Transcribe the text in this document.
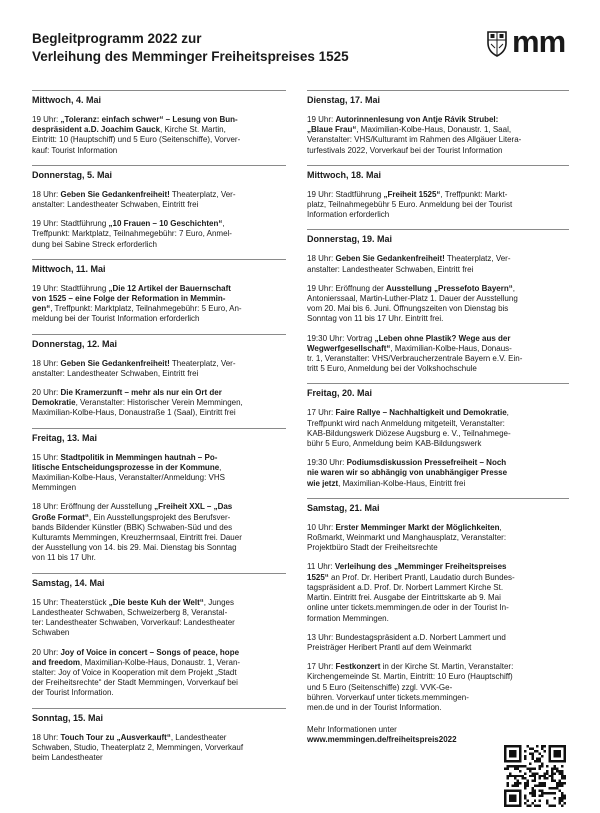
Begleitprogramm 2022 zur
Verleihung des Memminger Freiheitspreises 1525	mm
Mittwoch, 4. Mai
19 Uhr: „Toleranz: einfach schwer“ – Lesung von Bun-
despräsident a.D. Joachim Gauck, Kirche St. Martin,
Eintritt: 10 (Hauptschiff) und 5 Euro (Seitenschiffe), Vorver-
kauf: Tourist Information
Donnerstag, 5. Mai
18 Uhr: Geben Sie Gedankenfreiheit! Theaterplatz, Ver-
anstalter: Landestheater Schwaben, Eintritt frei
19 Uhr: Stadtführung „10 Frauen – 10 Geschichten“,
Treffpunkt: Marktplatz, Teilnahmegebühr: 7 Euro, Anmel-
dung bei Sabine Streck erforderlich
Mittwoch, 11. Mai
19 Uhr: Stadtführung „Die 12 Artikel der Bauernschaft
von 1525 – eine Folge der Reformation in Memmin-
gen“, Treffpunkt: Marktplatz, Teilnahmegebühr: 5 Euro, An-
meldung bei der Tourist Information erforderlich
Donnerstag, 12. Mai
18 Uhr: Geben Sie Gedankenfreiheit! Theaterplatz, Ver-
anstalter: Landestheater Schwaben, Eintritt frei
20 Uhr: Die Kramerzunft – mehr als nur ein Ort der
Demokratie, Veranstalter: Historischer Verein Memmingen,
Maximilian-Kolbe-Haus, Donaustraße 1 (Saal), Eintritt frei
Freitag, 13. Mai
15 Uhr: Stadtpolitik in Memmingen hautnah – Po-
litische Entscheidungsprozesse in der Kommune,
Maximilian-Kolbe-Haus, Veranstalter/Anmeldung: VHS
Memmingen
18 Uhr: Eröffnung der Ausstellung „Freiheit XXL – „Das
Große Format“, Ein Ausstellungsprojekt des Berufsver-
bands Bildender Künstler (BBK) Schwaben-Süd und des
Kulturamts Memmingen, Kreuzherrnsaal, Eintritt frei. Dauer
der Ausstellung von 14. bis 29. Mai. Dienstag bis Sonntag
von 11 bis 17 Uhr.
Samstag, 14. Mai
15 Uhr: Theaterstück „Die beste Kuh der Welt“, Junges
Landestheater Schwaben, Schweizerberg 8, Veranstal-
ter: Landestheater Schwaben, Vorverkauf: Landestheater
Schwaben
20 Uhr: Joy of Voice in concert – Songs of peace, hope
and freedom, Maximilian-Kolbe-Haus, Donaustr. 1, Veran-
stalter: Joy of Voice in Kooperation mit dem Projekt „Stadt
der Freiheitsrechte“ der Stadt Memmingen, Vorverkauf bei
der Tourist Information.
Sonntag, 15. Mai
18 Uhr: Touch Tour zu „Ausverkauft“, Landestheater
Schwaben, Studio, Theaterplatz 2, Memmingen, Vorverkauf
beim Landestheater
Dienstag, 17. Mai
19 Uhr: Autorinnenlesung von Antje Rávik Strubel:
„Blaue Frau“, Maximilian-Kolbe-Haus, Donaustr. 1, Saal,
Veranstalter: VHS/Kulturamt im Rahmen des Allgäuer Litera-
turfestivals 2022, Vorverkauf bei der Tourist Information
Mittwoch, 18. Mai
19 Uhr: Stadtführung „Freiheit 1525“, Treffpunkt: Markt-
platz, Teilnahmegebühr 5 Euro. Anmeldung bei der Tourist
Information erforderlich
Donnerstag, 19. Mai
18 Uhr: Geben Sie Gedankenfreiheit! Theaterplatz, Ver-
anstalter: Landestheater Schwaben, Eintritt frei
19 Uhr: Eröffnung der Ausstellung „Pressefoto Bayern“,
Antonierssaal, Martin-Luther-Platz 1. Dauer der Ausstellung
vom 20. Mai bis 6. Juni. Öffnungszeiten von Dienstag bis
Sonntag von 11 bis 17 Uhr. Eintritt frei.
19:30 Uhr: Vortrag „Leben ohne Plastik? Wege aus der
Wegwerfgesellschaft“, Maximilian-Kolbe-Haus, Donaus-
tr. 1, Veranstalter: VHS/Verbraucherzentrale Bayern e.V. Ein-
tritt 5 Euro, Anmeldung bei der Volkshochschule
Freitag, 20. Mai
17 Uhr: Faire Rallye – Nachhaltigkeit und Demokratie,
Treffpunkt wird nach Anmeldung mitgeteilt, Veranstalter:
KAB-Bildungswerk Diözese Augsburg e. V., Teilnahmege-
bühr 5 Euro, Anmeldung beim KAB-Bildungswerk
19:30 Uhr: Podiumsdiskussion Pressefreiheit – Noch
nie waren wir so abhängig von unabhängiger Presse
wie jetzt, Maximilian-Kolbe-Haus, Eintritt frei
Samstag, 21. Mai
10 Uhr: Erster Memminger Markt der Möglichkeiten,
Roßmarkt, Weinmarkt und Manghausplatz, Veranstalter:
Projektbüro Stadt der Freiheitsrechte
11 Uhr: Verleihung des „Memminger Freiheitspreises
1525“ an Prof. Dr. Heribert Prantl, Laudatio durch Bundes-
tagspräsident a.D. Prof. Dr. Norbert Lammert Kirche St.
Martin. Eintritt frei. Ausgabe der Eintrittskarte ab 9. Mai
online unter tickets.memmingen.de oder in der Tourist In-
formation Memmingen.
13 Uhr: Bundestagspräsident a.D. Norbert Lammert und
Preisträger Heribert Prantl auf dem Weinmarkt
17 Uhr: Festkonzert in der Kirche St. Martin, Veranstalter:
Kirchengemeinde St. Martin, Eintritt: 10 Euro (Hauptschiff)
und 5 Euro (Seitenschiffe) zzgl. VVK-Ge-
bühren. Vorverkauf unter tickets.memmingen-
men.de und in der Tourist Information.
Mehr Informationen unter
www.memmingen.de/freiheitspreis2022
